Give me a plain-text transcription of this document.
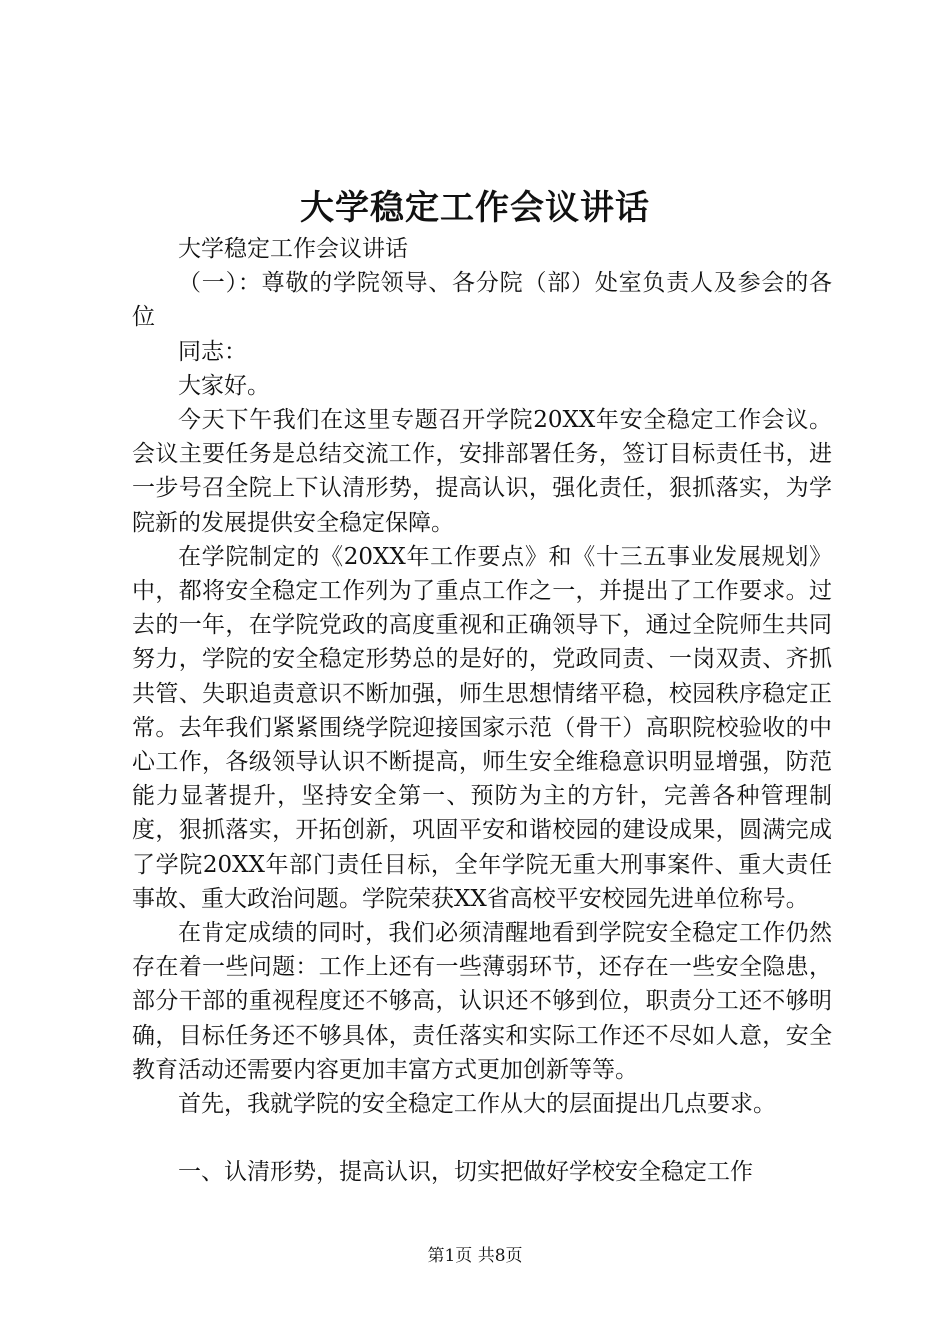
大学稳定工作会议讲话

大学稳定工作会议讲话

（一）：尊敬的学院领导、各分院（部）处室负责人及参会的各位

同志：

大家好。

今天下午我们在这里专题召开学院20XX年安全稳定工作会议。会议主要任务是总结交流工作，安排部署任务，签订目标责任书，进一步号召全院上下认清形势，提高认识，强化责任，狠抓落实，为学院新的发展提供安全稳定保障。

在学院制定的《20XX年工作要点》和《十三五事业发展规划》中，都将安全稳定工作列为了重点工作之一，并提出了工作要求。过去的一年，在学院党政的高度重视和正确领导下，通过全院师生共同努力，学院的安全稳定形势总的是好的，党政同责、一岗双责、齐抓共管、失职追责意识不断加强，师生思想情绪平稳，校园秩序稳定正常。去年我们紧紧围绕学院迎接国家示范（骨干）高职院校验收的中心工作，各级领导认识不断提高，师生安全维稳意识明显增强，防范能力显著提升，坚持安全第一、预防为主的方针，完善各种管理制度，狠抓落实，开拓创新，巩固平安和谐校园的建设成果，圆满完成了学院20XX年部门责任目标，全年学院无重大刑事案件、重大责任事故、重大政治问题。学院荣获XX省高校平安校园先进单位称号。

在肯定成绩的同时，我们必须清醒地看到学院安全稳定工作仍然存在着一些问题：工作上还有一些薄弱环节，还存在一些安全隐患，部分干部的重视程度还不够高，认识还不够到位，职责分工还不够明确，目标任务还不够具体，责任落实和实际工作还不尽如人意，安全教育活动还需要内容更加丰富方式更加创新等等。

首先，我就学院的安全稳定工作从大的层面提出几点要求。

一、认清形势，提高认识，切实把做好学校安全稳定工作

第1页 共8页
